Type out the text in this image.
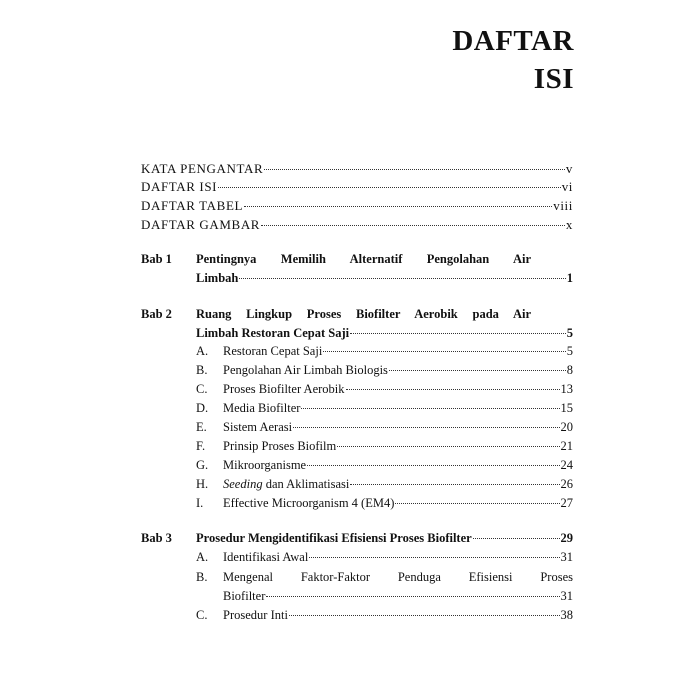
DAFTAR
ISI
KATA PENGANTAR	v
DAFTAR ISI	vi
DAFTAR TABEL	viii
DAFTAR GAMBAR	x
Bab 1 Pentingnya Memilih Alternatif Pengolahan Air
Limbah	1
Bab 2 Ruang Lingkup Proses Biofilter Aerobik pada Air
Limbah Restoran Cepat Saji	5
A.	Restoran Cepat Saji	5
B.	Pengolahan Air Limbah Biologis	8
C.	Proses Biofilter Aerobik	13
D.	Media Biofilter	15
E.	Sistem Aerasi	20
F.	Prinsip Proses Biofilm	21
G.	Mikroorganisme	24
H.	Seeding dan Aklimatisasi	26
I.	Effective Microorganism 4 (EM4)	27
Bab 3 Prosedur Mengidentifikasi Efisiensi Proses Biofilter	29
A.	Identifikasi Awal	31
B.	Mengenal Faktor-Faktor Penduga Efisiensi Proses
Biofilter	31
C.	Prosedur Inti	38
